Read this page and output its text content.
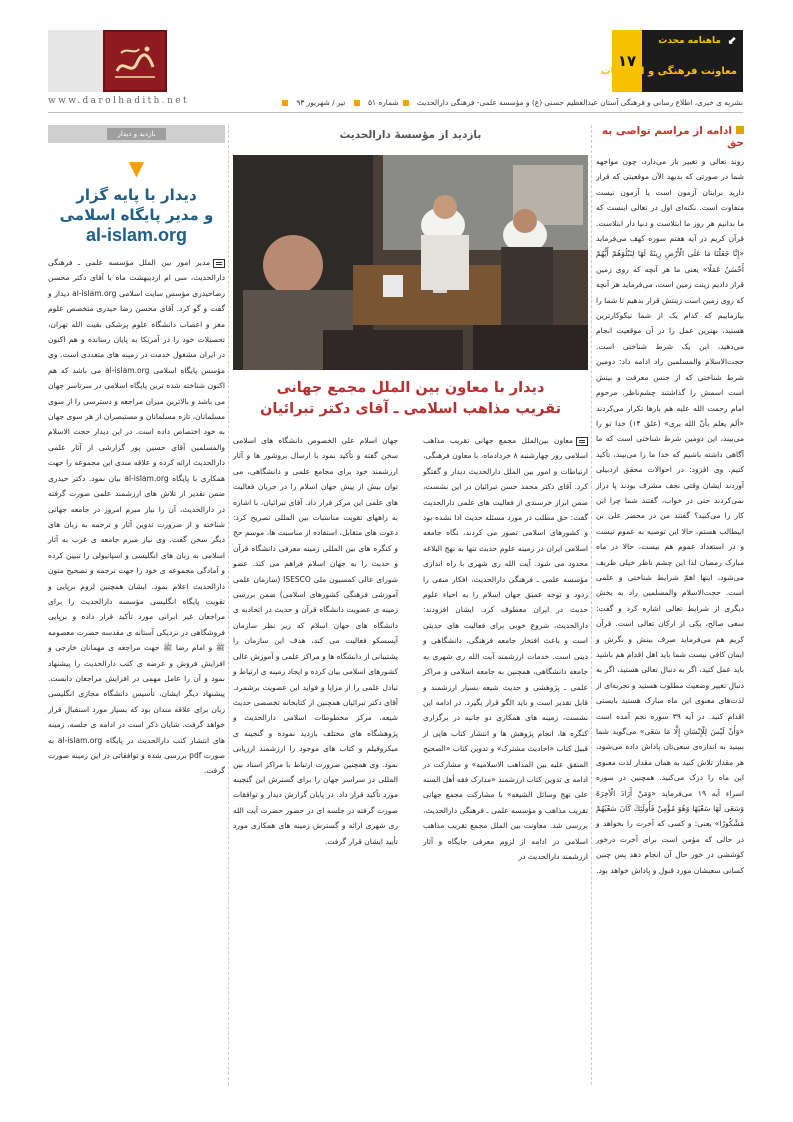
۱۷
⬋
ماهنامه محدث
معاونت فرهنگی و ارتباطات
www.darolhadith.net	شماره ۵۱  تیر / شهریور ۹۳	نشریه ی خبری، اطلاع رسانی و فرهنگی آستان عبدالعظیم حسنی (ع) و مؤسسه علمی- فرهنگی دارالحدیث
ادامه از مراسم تواصی به حق

روند تعالی و تغییر باز می‌دارد، چون مواجهه شما در صورتی که بدیهد الآن موقعیتی که قرار دارید برایتان آزمون است یا آزمون نیست متفاوت است. نکته‌ای اول در تعالی اینست که ما بدانیم هر روز ما ابتلاست و دنیا دار ابتلاست. قرآن کریم در آیه هفتم سوره کهف می‌فرماید «إِنَّا جَعَلْنَا مَا عَلَى الْأَرْضِ زِينَةً لَهَا لِنَبْلُوَهُمْ أَيُّهُمْ أَحْسَنُ عَمَلًا» یعنی ما هر آنچه که روی زمین قرار دادیم زینت زمین است، می‌فرماید هر آنچه که روی زمین است زینتش قرار بدهیم تا شما را بیازماییم که کدام یک از شما نیکوکارترین هستید، بهترین عمل را در آن موقعیت انجام می‌دهید، این یک شرط شناختی است. حجت‌الاسلام والمسلمین راد ادامه داد: دومین شرط شناختی که از جنس معرفت و بینش است اسمش را گذاشتند چشم‌ناظر. مرحوم امام رحمت الله علیه هم بارها تکرار می‌کردند «ألم یعلم بأنّ الله یری» (علق ۱۴) خدا تو را می‌بیند، این دومین شرط شناختی است که ما آگاهی داشته باشیم که خدا ما را می‌بیند، تأکید کنیم. وی افزود: در احوالات محقق اردبیلی آوردند ایشان وقتی نجف مشرف بودند پا دراز نمی‌کردند حتی در خواب، گفتند شما چرا این کار را می‌کنید؟ گفتند من در محضر علی بن ابیطالب هستم، حالا این توصیه به عموم نیست و در استعداد عموم هم نیست، حالا در ماه مبارک رمضان لذا این چشم ناظر خیلی ظریف می‌شود، اینها اهمّ شرایط شناختی و علمی است. حجت‌الاسلام والمسلمین راد به بخش دیگری از شرایط تعالی اشاره کرد و گفت: سعی صالح، یکی از ارکان تعالی است. قرآن کریم هم می‌فرماید صرف بینش و نگرش و ایمان کافی نیست شما باید اهل اقدام هم باشید باید عمل کنید، اگر به دنبال تعالی هستید، اگر به دنبال تغییر وضعیت مطلوب هستید و تجربه‌ای از لذت‌های معنوی این ماه مبارک هستید بایستی اقدام کنید. در آیه ۳۹ سوره نجم آمده است «وَأَنْ لَيْسَ لِلْإِنْسَانِ إِلَّا مَا سَعَى» می‌گوید شما ببینید به اندازه‌ی سعی‌تان پاداش داده می‌شود، هر مقدار تلاش کنید به همان مقدار لذت معنوی این ماه را درک می‌کنید. همچنین در سوره اسراء آیه ۱۹ می‌فرماید «وَمَنْ أَرَادَ الْآخِرَةَ وَسَعَى لَهَا سَعْيَهَا وَهُوَ مُؤْمِنٌ فَأُولَئِكَ كَانَ سَعْيُهُمْ مَشْكُورًا» یعنی: و کسی که آخرت را بخواهد و در حالی که مؤمن است برای آخرت درخور کوششی در خور حال آن انجام دهد پس چنین کسانی سعیشان مورد قبول و پاداش خواهد بود.

بازدید از مؤسسهٔ دارالحدیث
دیدار با معاون بین الملل مجمع جهانی
تقریب مذاهب اسلامی ـ آقای دکتر تبرائیان

معاون بین‌الملل مجمع جهانی تقریب مذاهب اسلامی روز چهارشنبه ۸ خردادماه، با معاون فرهنگی، ارتباطات و امور بین الملل دارالحدیث دیدار و گفتگو کرد. آقای دکتر محمد حسن تبرائیان در این نشست، ضمن ابراز خرسندی از فعالیت های علمی دارالحدیث گفت: حق مطلب در مورد مسئله حدیث ادا نشده بود و کشورهای اسلامی تصور می کردند، نگاه جامعه اسلامی ایران در زمینه علوم حدیث تنها به نهج البلاغه محدود می شود. آیت الله ری شهری با راه اندازی مؤسسه علمی ـ فرهنگی دارالحدیث، افکار منفی را زدود و توجه عمیق جهان اسلام را به احیاء علوم حدیث در ایران معطوف کرد. ایشان افزودند: دارالحدیث، شروع خوبی برای فعالیت های حدیثی است و باعث افتخار جامعه فرهنگی، دانشگاهی و دینی است. خدمات ارزشمند آیت الله ری شهری به جامعه دانشگاهی، همچنین به جامعه اسلامی و مراکز علمی ـ پژوهشی و حدیث شیعه بسیار ارزشمند و قابل تقدیر است و باید الگو قرار بگیرد. در ادامه این نشست، زمینه های همکاری دو جانبه در برگزاری کنگره ها، انجام پژوهش ها و انتشار کتاب هایی از قبیل کتاب «احادیث مشترک» و تدوین کتاب «الصحیح المتفق علیه بین المذاهب الاسلامیه» و مشارکت در ادامه ی تدوین کتاب ارزشمند «مدارک فقه أهل السنه علی نهج وسائل الشیعه» با مشارکت مجمع جهانی تقریب مذاهب و مؤسسه علمی ـ فرهنگی دارالحدیث، بررسی شد. معاونت بین الملل مجمع تقریب مذاهب اسلامی در ادامه از لزوم معرفی جایگاه و آثار ارزشمند دارالحدیث در

جهان اسلام علی الخصوص دانشگاه های اسلامی سخن گفته و تأکید نمود با ارسال بروشور ها و آثار ارزشمند خود برای مجامع علمی و دانشگاهی، می توان بیش از پیش جهان اسلام را در جریان فعالیت های علمی این مرکز قرار داد. آقای تبرائیان، با اشاره به راههای تقویت مناسبات بین المللی تصریح کرد: دعوت های متقابل، استفاده از مناسبت ها، موسم حج و کنگره های بین المللی زمینه معرفی دانشگاه قرآن و حدیث را به جهان اسلام فراهم می کند. عضو شورای عالی کمسیون ملی ISESCO (سازمان علمی آموزشی فرهنگی کشورهای اسلامی) ضمن بررسی زمینه ی عضویت دانشگاه قرآن و حدیث در اتحادیه ی دانشگاه های جهان اسلام که زیر نظر سازمان آیسسکو فعالیت می کند، هدف این سازمان را پشتیبانی از دانشگاه ها و مراکز علمی و آموزش عالی کشورهای اسلامی بیان کرده و ایجاد زمینه ی ارتباط و تبادل علمی را از مزایا و فواید این عضویت برشمرد. آقای دکتر تبرائیان همچنین از کتابخانه تخصصی حدیث شیعه، مرکز مخطوطات اسلامی دارالحدیث و پژوهشگاه های مختلف بازدید نموده و گنجینه ی میکروفیلم و کتاب های موجود را ارزشمند ارزیابی نمود. وی همچنین ضرورت ارتباط با مراکز اسناد بین المللی در سراسر جهان را برای گسترش این گنجینه مورد تأکید قرار داد. در پایان گزارش دیدار و توافقات صورت گرفته در جلسه ای در حضور حضرت آیت الله ری شهری ارائه و گسترش زمینه های همکاری مورد تأیید ایشان قرار گرفت.

بازدید و دیدار
▼
دیدار با پایه گزار
و مدیر پایگاه اسلامی
al-islam.org

مدیر امور بین الملل مؤسسه علمی ـ فرهنگی دارالحدیث، سی ام اردیبهشت ماه با آقای دکتر محسن رضاحیدری مؤسس سایت اسلامی al-islam.org دیدار و گفت و گو کرد. آقای محسن رضا حیدری متخصص علوم مغز و اعصاب دانشگاه علوم پزشکی بقیت الله تهران، تحصیلات خود را در آمریکا به پایان رسانده و هم اکنون در ایران مشغول خدمت در زمینه های متعددی است. وی مؤسس پایگاه اسلامی al-islam.org می باشد که هم اکنون شناخته شده ترین پایگاه اسلامی در سرتاسر جهان می باشد و بالاترین میزان مراجعه و دسترسی را از سوی مسلمانان، تازه مسلمانان و مستبصران از هر سوی جهان به خود اختصاص داده است. در این دیدار حجت الاسلام والمسلمین آقای حسین پور گزارشی از آثار علمی دارالحدیث ارائه کرده و علاقه مندی این مجموعه را جهت همکاری با پایگاه al-islam.org بیان نمود. دکتر حیدری ضمن تقدیر از تلاش های ارزشمند علمی صورت گرفته در دارالحدیث، آن را نیاز مبرم امروز در جامعه جهانی شناخته و از ضرورت تدوین آثار و ترجمه به زبان های دیگر سخن گفت. وی نیاز مبرم جامعه ی غرب به آثار اسلامی به زبان های انگلیسی و اسپانیولی را تبیین کرده و آمادگی مجموعه ی خود را جهت ترجمه و تصحیح متون دارالحدیث اعلام نمود. ایشان همچنین لزوم برپایی و تقویت پایگاه انگلیسی مؤسسه دارالحدیث را برای مراجعان غیر ایرانی مورد تأکید قرار داده و برپایی فروشگاهی در نزدیکی آستانه ی مقدسه حضرت معصومه ﷺ و امام رضا ﷺ جهت مراجعه ی مهمانان خارجی و افزایش فروش و عرضه ی کتب دارالحدیث را پیشنهاد نمود و آن را عامل مهمی در افزایش مراجعان دانست. پیشنهاد دیگر ایشان، تأسیس دانشگاه مجازی انگلیسی زبان برای علاقه مندان بود که بسیار مورد استقبال قرار خواهد گرفت. شایان ذکر است در ادامه ی جلسه، زمینه های انتشار کتب دارالحدیث در پایگاه al-islam.org به صورت pdf بررسی شده و توافقاتی در این زمینه صورت گرفت.
